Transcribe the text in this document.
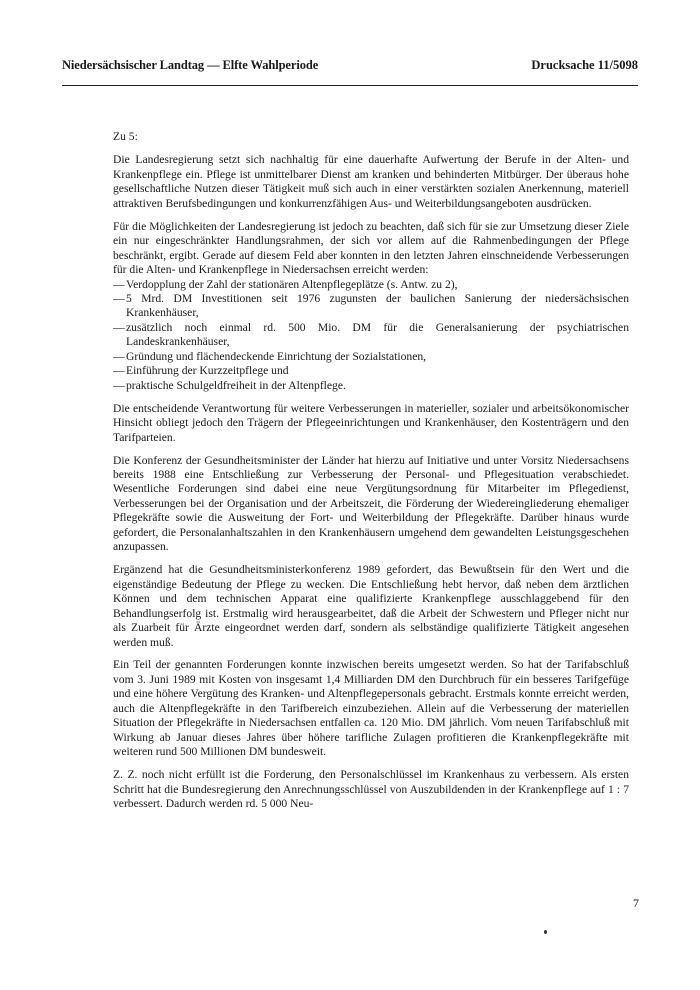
Niedersächsischer Landtag — Elfte Wahlperiode	Drucksache 11/5098
Zu 5:

Die Landesregierung setzt sich nachhaltig für eine dauerhafte Aufwertung der Berufe in der Alten- und Krankenpflege ein. Pflege ist unmittelbarer Dienst am kranken und behinderten Mitbürger. Der überaus hohe gesellschaftliche Nutzen dieser Tätigkeit muß sich auch in einer verstärkten sozialen Anerkennung, materiell attraktiven Berufsbedingungen und konkurrenzfähigen Aus- und Weiterbildungsangeboten ausdrücken.

Für die Möglichkeiten der Landesregierung ist jedoch zu beachten, daß sich für sie zur Umsetzung dieser Ziele ein nur eingeschränkter Handlungsrahmen, der sich vor allem auf die Rahmenbedingungen der Pflege beschränkt, ergibt. Gerade auf diesem Feld aber konnten in den letzten Jahren einschneidende Verbesserungen für die Alten- und Krankenpflege in Niedersachsen erreicht werden:

— Verdopplung der Zahl der stationären Altenpflegeplätze (s. Antw. zu 2),
— 5 Mrd. DM Investitionen seit 1976 zugunsten der baulichen Sanierung der niedersächsischen Krankenhäuser,
— zusätzlich noch einmal rd. 500 Mio. DM für die Generalsanierung der psychiatrischen Landeskrankenhäuser,
— Gründung und flächendeckende Einrichtung der Sozialstationen,
— Einführung der Kurzzeitpflege und
— praktische Schulgeldfreiheit in der Altenpflege.

Die entscheidende Verantwortung für weitere Verbesserungen in materieller, sozialer und arbeitsökonomischer Hinsicht obliegt jedoch den Trägern der Pflegeeinrichtungen und Krankenhäuser, den Kostenträgern und den Tarifparteien.

Die Konferenz der Gesundheitsminister der Länder hat hierzu auf Initiative und unter Vorsitz Niedersachsens bereits 1988 eine Entschließung zur Verbesserung der Personal- und Pflegesituation verabschiedet. Wesentliche Forderungen sind dabei eine neue Vergütungsordnung für Mitarbeiter im Pflegedienst, Verbesserungen bei der Organisation und der Arbeitszeit, die Förderung der Wiedereingliederung ehemaliger Pflegekräfte sowie die Ausweitung der Fort- und Weiterbildung der Pflegekräfte. Darüber hinaus wurde gefordert, die Personalanhaltszahlen in den Krankenhäusern umgehend dem gewandelten Leistungsgeschehen anzupassen.

Ergänzend hat die Gesundheitsministerkonferenz 1989 gefordert, das Bewußtsein für den Wert und die eigenständige Bedeutung der Pflege zu wecken. Die Entschließung hebt hervor, daß neben dem ärztlichen Können und dem technischen Apparat eine qualifizierte Krankenpflege ausschlaggebend für den Behandlungserfolg ist. Erstmalig wird herausgearbeitet, daß die Arbeit der Schwestern und Pfleger nicht nur als Zuarbeit für Ärzte eingeordnet werden darf, sondern als selbständige qualifizierte Tätigkeit angesehen werden muß.

Ein Teil der genannten Forderungen konnte inzwischen bereits umgesetzt werden. So hat der Tarifabschluß vom 3. Juni 1989 mit Kosten von insgesamt 1,4 Milliarden DM den Durchbruch für ein besseres Tarifgefüge und eine höhere Vergütung des Kranken- und Altenpflegepersonals gebracht. Erstmals konnte erreicht werden, auch die Altenpflegekräfte in den Tarifbereich einzubeziehen. Allein auf die Verbesserung der materiellen Situation der Pflegekräfte in Niedersachsen entfallen ca. 120 Mio. DM jährlich. Vom neuen Tarifabschluß mit Wirkung ab Januar dieses Jahres über höhere tarifliche Zulagen profitieren die Krankenpflegekräfte mit weiteren rund 500 Millionen DM bundesweit.

Z. Z. noch nicht erfüllt ist die Forderung, den Personalschlüssel im Krankenhaus zu verbessern. Als ersten Schritt hat die Bundesregierung den Anrechnungsschlüssel von Auszubildenden in der Krankenpflege auf 1 : 7 verbessert. Dadurch werden rd. 5 000 Neu-

7
